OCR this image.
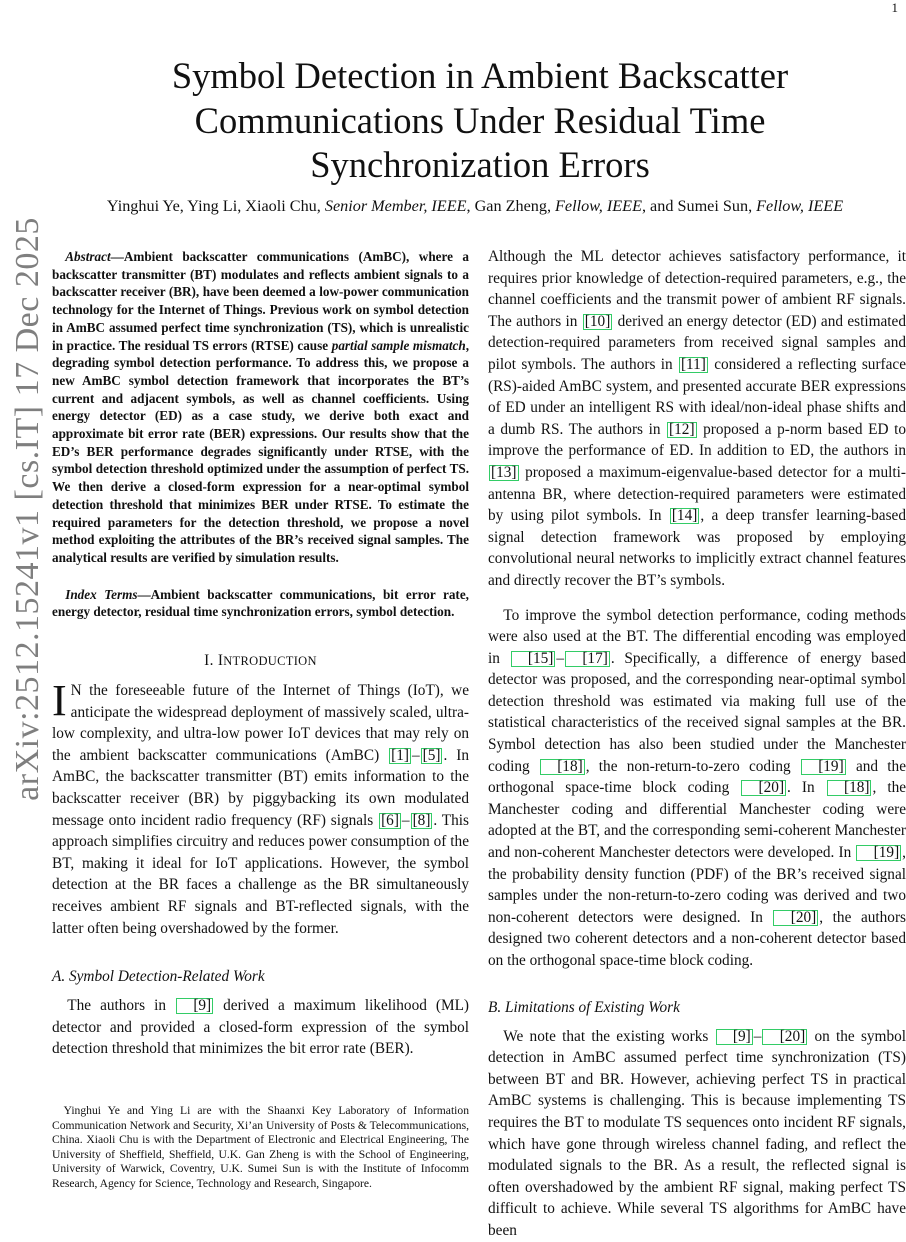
1
arXiv:2512.15241v1 [cs.IT] 17 Dec 2025
Symbol Detection in Ambient Backscatter Communications Under Residual Time Synchronization Errors
Yinghui Ye, Ying Li, Xiaoli Chu, Senior Member, IEEE, Gan Zheng, Fellow, IEEE, and Sumei Sun, Fellow, IEEE

Abstract—Ambient backscatter communications (AmBC), where a backscatter transmitter (BT) modulates and reflects ambient signals to a backscatter receiver (BR), have been deemed a low-power communication technology for the Internet of Things. Previous work on symbol detection in AmBC assumed perfect time synchronization (TS), which is unrealistic in practice. The residual TS errors (RTSE) cause partial sample mismatch, degrading symbol detection performance. To address this, we propose a new AmBC symbol detection framework that incorporates the BT’s current and adjacent symbols, as well as channel coefficients. Using energy detector (ED) as a case study, we derive both exact and approximate bit error rate (BER) expressions. Our results show that the ED’s BER performance degrades significantly under RTSE, with the symbol detection threshold optimized under the assumption of perfect TS. We then derive a closed-form expression for a near-optimal symbol detection threshold that minimizes BER under RTSE. To estimate the required parameters for the detection threshold, we propose a novel method exploiting the attributes of the BR’s received signal samples. The analytical results are verified by simulation results.

Index Terms—Ambient backscatter communications, bit error rate, energy detector, residual time synchronization errors, symbol detection.

I. INTRODUCTION

I N the foreseeable future of the Internet of Things (IoT), we anticipate the widespread deployment of massively scaled, ultra-low complexity, and ultra-low power IoT devices that may rely on the ambient backscatter communications (AmBC) [1] – [5] . In AmBC, the backscatter transmitter (BT) emits information to the backscatter receiver (BR) by piggybacking its own modulated message onto incident radio frequency (RF) signals [6] – [8] . This approach simplifies circuitry and reduces power consumption of the BT, making it ideal for IoT applications. However, the symbol detection at the BR faces a challenge as the BR simultaneously receives ambient RF signals and BT-reflected signals, with the latter often being overshadowed by the former.

A. Symbol Detection-Related Work

The authors in [9] derived a maximum likelihood (ML) detector and provided a closed-form expression of the symbol detection threshold that minimizes the bit error rate (BER).

Yinghui Ye and Ying Li are with the Shaanxi Key Laboratory of Information Communication Network and Security, Xi’an University of Posts & Telecommunications, China. Xiaoli Chu is with the Department of Electronic and Electrical Engineering, The University of Sheffield, Sheffield, U.K. Gan Zheng is with the School of Engineering, University of Warwick, Coventry, U.K. Sumei Sun is with the Institute of Infocomm Research, Agency for Science, Technology and Research, Singapore.

Although the ML detector achieves satisfactory performance, it requires prior knowledge of detection-required parameters, e.g., the channel coefficients and the transmit power of ambient RF signals. The authors in [10] derived an energy detector (ED) and estimated detection-required parameters from received signal samples and pilot symbols. The authors in [11] considered a reflecting surface (RS)-aided AmBC system, and presented accurate BER expressions of ED under an intelligent RS with ideal/non-ideal phase shifts and a dumb RS. The authors in [12] proposed a p-norm based ED to improve the performance of ED. In addition to ED, the authors in [13] proposed a maximum-eigenvalue-based detector for a multi-antenna BR, where detection-required parameters were estimated by using pilot symbols. In [14] , a deep transfer learning-based signal detection framework was proposed by employing convolutional neural networks to implicitly extract channel features and directly recover the BT’s symbols.

To improve the symbol detection performance, coding methods were also used at the BT. The differential encoding was employed in [15] – [17] . Specifically, a difference of energy based detector was proposed, and the corresponding near-optimal symbol detection threshold was estimated via making full use of the statistical characteristics of the received signal samples at the BR. Symbol detection has also been studied under the Manchester coding [18] , the non-return-to-zero coding [19] and the orthogonal space-time block coding [20] . In [18] , the Manchester coding and differential Manchester coding were adopted at the BT, and the corresponding semi-coherent Manchester and non-coherent Manchester detectors were developed. In [19] , the probability density function (PDF) of the BR’s received signal samples under the non-return-to-zero coding was derived and two non-coherent detectors were designed. In [20] , the authors designed two coherent detectors and a non-coherent detector based on the orthogonal space-time block coding.

B. Limitations of Existing Work

We note that the existing works [9] – [20] on the symbol detection in AmBC assumed perfect time synchronization (TS) between BT and BR. However, achieving perfect TS in practical AmBC systems is challenging. This is because implementing TS requires the BT to modulate TS sequences onto incident RF signals, which have gone through wireless channel fading, and reflect the modulated signals to the BR. As a result, the reflected signal is often overshadowed by the ambient RF signal, making perfect TS difficult to achieve. While several TS algorithms for AmBC have been
